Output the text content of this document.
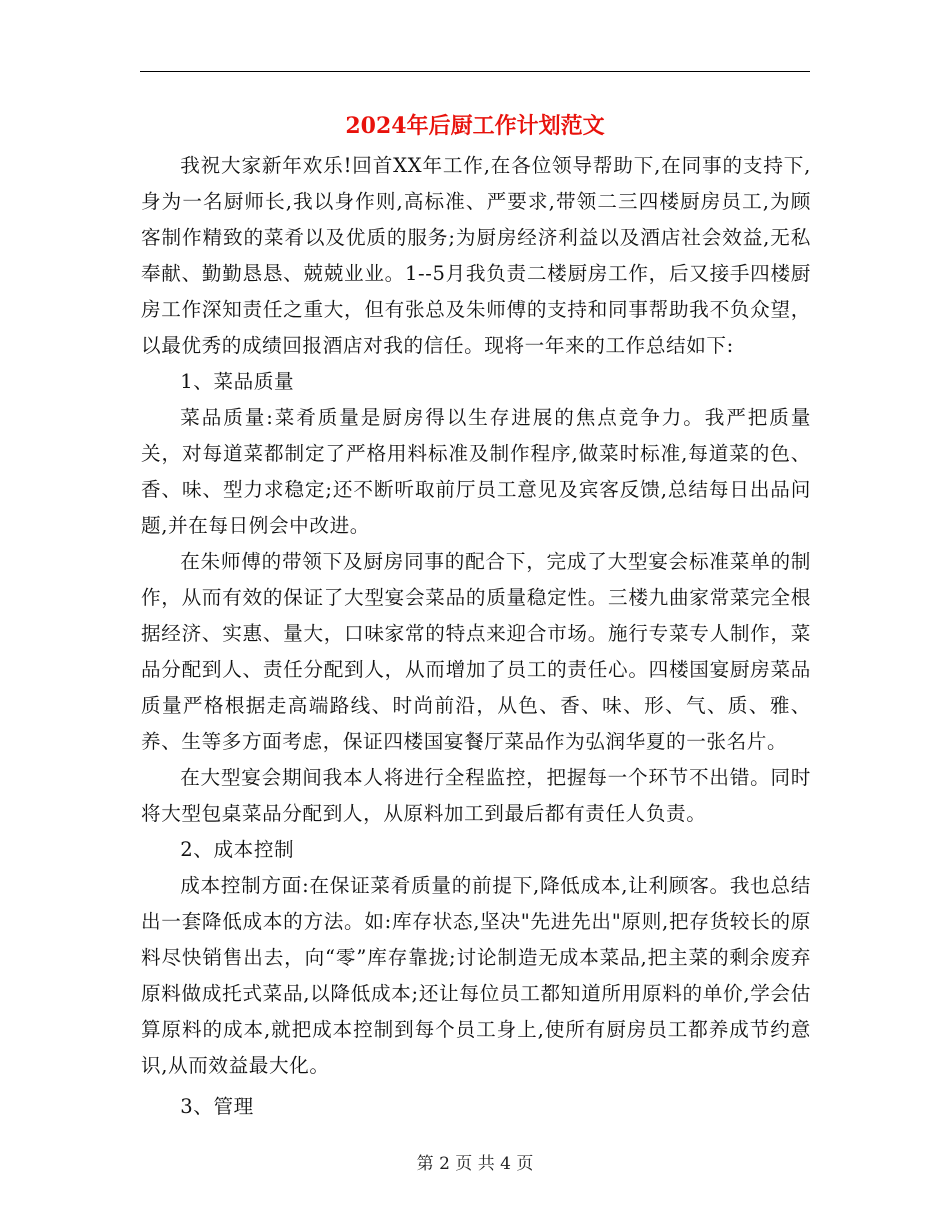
2024年后厨工作计划范文

我祝大家新年欢乐!回首XX年工作,在各位领导帮助下,在同事的支持下,身为一名厨师长,我以身作则,高标准、严要求,带领二三四楼厨房员工,为顾客制作精致的菜肴以及优质的服务;为厨房经济利益以及酒店社会效益,无私奉献、勤勤恳恳、兢兢业业。1--5月我负责二楼厨房工作，后又接手四楼厨房工作深知责任之重大，但有张总及朱师傅的支持和同事帮助我不负众望，以最优秀的成绩回报酒店对我的信任。现将一年来的工作总结如下:

1、菜品质量

菜品质量:菜肴质量是厨房得以生存进展的焦点竞争力。我严把质量关，对每道菜都制定了严格用料标准及制作程序,做菜时标准,每道菜的色、香、味、型力求稳定;还不断听取前厅员工意见及宾客反馈,总结每日出品问题,并在每日例会中改进。

在朱师傅的带领下及厨房同事的配合下，完成了大型宴会标准菜单的制作，从而有效的保证了大型宴会菜品的质量稳定性。三楼九曲家常菜完全根据经济、实惠、量大，口味家常的特点来迎合市场。施行专菜专人制作，菜品分配到人、责任分配到人，从而增加了员工的责任心。四楼国宴厨房菜品质量严格根据走高端路线、时尚前沿，从色、香、味、形、气、质、雅、养、生等多方面考虑，保证四楼国宴餐厅菜品作为弘润华夏的一张名片。

在大型宴会期间我本人将进行全程监控，把握每一个环节不出错。同时将大型包桌菜品分配到人，从原料加工到最后都有责任人负责。

2、成本控制

成本控制方面:在保证菜肴质量的前提下,降低成本,让利顾客。我也总结出一套降低成本的方法。如:库存状态,坚决"先进先出"原则,把存货较长的原料尽快销售出去，向“零”库存靠拢;讨论制造无成本菜品,把主菜的剩余废弃原料做成托式菜品,以降低成本;还让每位员工都知道所用原料的单价,学会估算原料的成本,就把成本控制到每个员工身上,使所有厨房员工都养成节约意识,从而效益最大化。

3、管理

第 2 页 共 4 页
